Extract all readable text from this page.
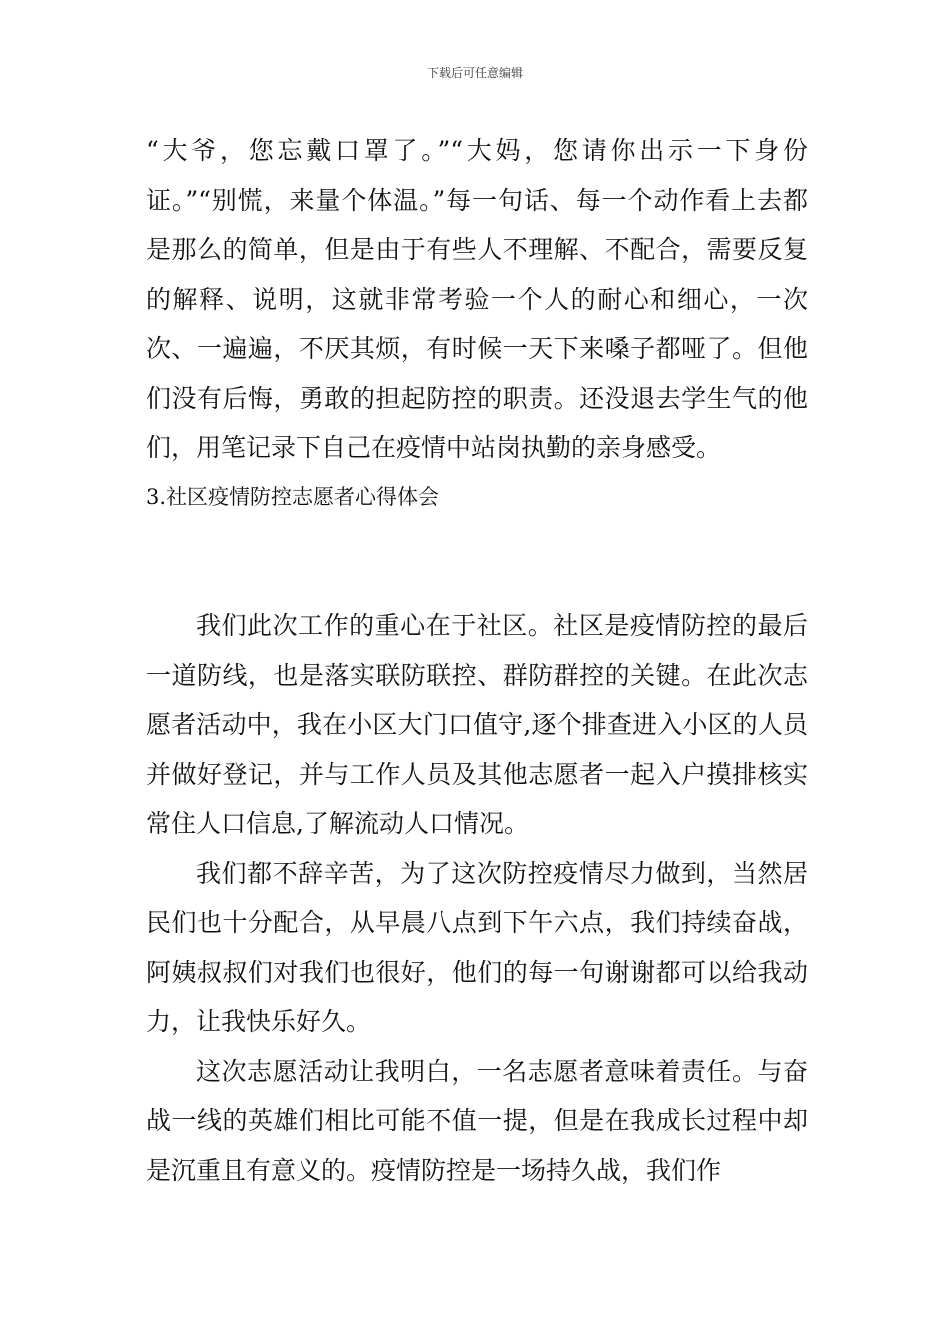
下载后可任意编辑

“大爷，您忘戴口罩了。”“大妈，您请你出示一下身份证。”“别慌，来量个体温。”每一句话、每一个动作看上去都是那么的简单，但是由于有些人不理解、不配合，需要反复的解释、说明，这就非常考验一个人的耐心和细心，一次次、一遍遍，不厌其烦，有时候一天下来嗓子都哑了。但他们没有后悔，勇敢的担起防控的职责。还没退去学生气的他们，用笔记录下自己在疫情中站岗执勤的亲身感受。

3.社区疫情防控志愿者心得体会

我们此次工作的重心在于社区。社区是疫情防控的最后一道防线，也是落实联防联控、群防群控的关键。在此次志愿者活动中，我在小区大门口值守,逐个排查进入小区的人员并做好登记，并与工作人员及其他志愿者一起入户摸排核实常住人口信息,了解流动人口情况。

我们都不辞辛苦，为了这次防控疫情尽力做到，当然居民们也十分配合，从早晨八点到下午六点，我们持续奋战，阿姨叔叔们对我们也很好，他们的每一句谢谢都可以给我动力，让我快乐好久。

这次志愿活动让我明白，一名志愿者意味着责任。与奋战一线的英雄们相比可能不值一提，但是在我成长过程中却是沉重且有意义的。疫情防控是一场持久战，我们作
